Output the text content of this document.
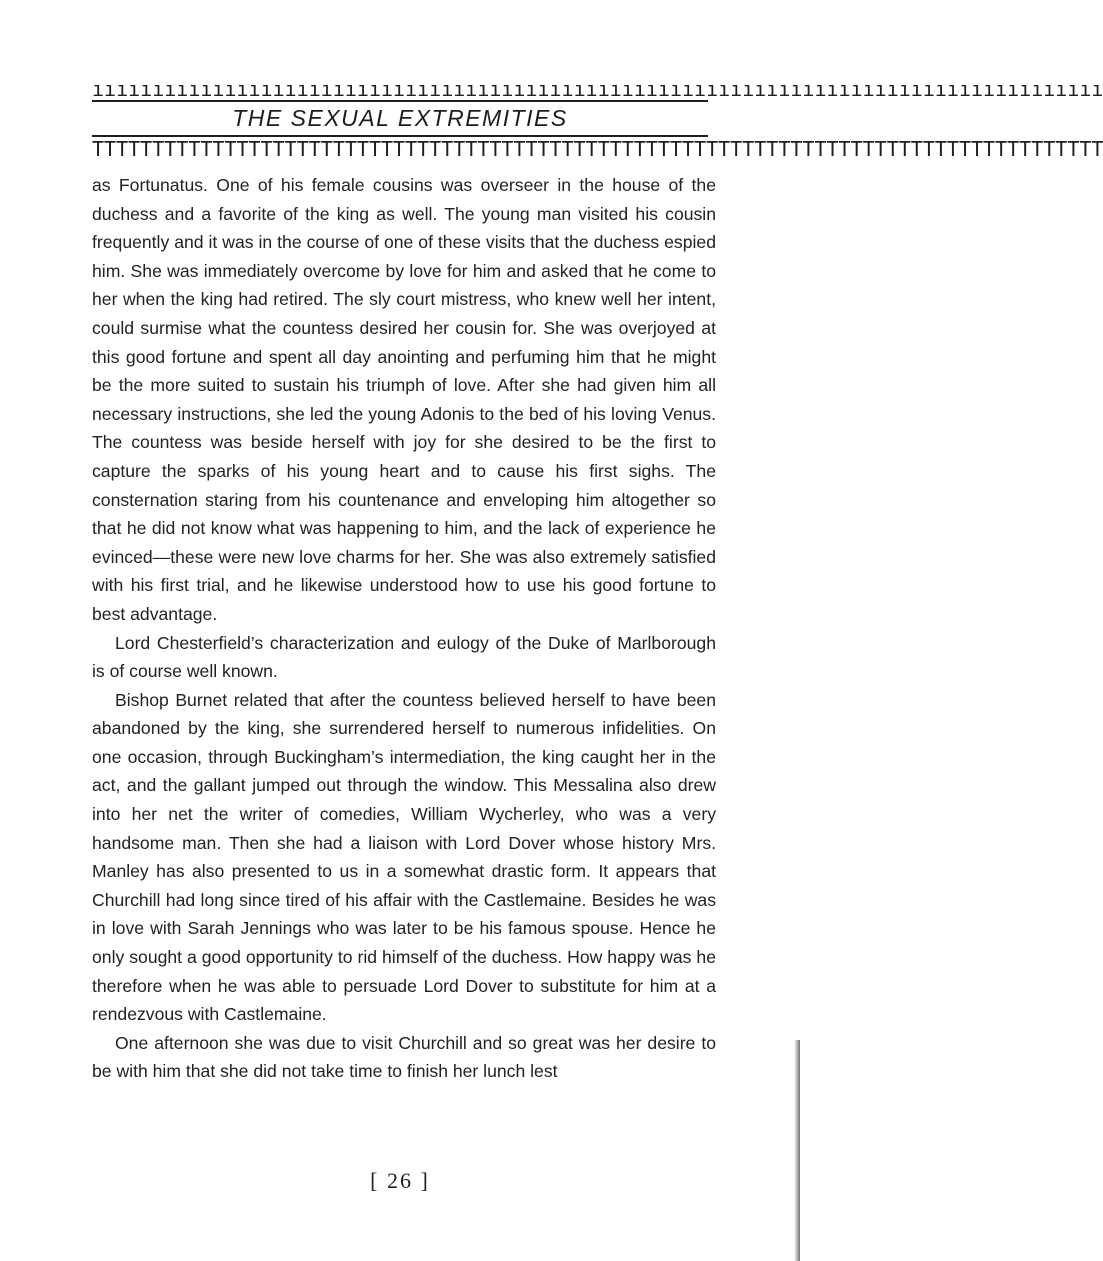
ıııııııııııııııııııııııııııııııııııııııııııııııııııııııııııııııııııııııııııııııııııı
THE SEXUAL EXTREMITIES
TTTTTTTTTTTTTTTTTTTTTTTTTTTTTTTTTTTTTTTTTTTTTTTTTTTTTTTTTTTTTTTTTTTTTTTTTTTTTTTTTTTT

as Fortunatus. One of his female cousins was overseer in the house of the duchess and a favorite of the king as well. The young man visited his cousin frequently and it was in the course of one of these visits that the duchess espied him. She was immediately overcome by love for him and asked that he come to her when the king had retired. The sly court mistress, who knew well her intent, could surmise what the countess desired her cousin for. She was overjoyed at this good fortune and spent all day anointing and perfuming him that he might be the more suited to sustain his triumph of love. After she had given him all necessary instructions, she led the young Adonis to the bed of his loving Venus. The countess was beside herself with joy for she desired to be the first to capture the sparks of his young heart and to cause his first sighs. The consternation staring from his countenance and enveloping him altogether so that he did not know what was happening to him, and the lack of experience he evinced—these were new love charms for her. She was also extremely satisfied with his first trial, and he likewise understood how to use his good fortune to best advantage.

Lord Chesterfield’s characterization and eulogy of the Duke of Marlborough is of course well known.

Bishop Burnet related that after the countess believed herself to have been abandoned by the king, she surrendered herself to numerous infidelities. On one occasion, through Buckingham’s intermediation, the king caught her in the act, and the gallant jumped out through the window. This Messalina also drew into her net the writer of comedies, William Wycherley, who was a very handsome man. Then she had a liaison with Lord Dover whose history Mrs. Manley has also presented to us in a somewhat drastic form. It appears that Churchill had long since tired of his affair with the Castlemaine. Besides he was in love with Sarah Jennings who was later to be his famous spouse. Hence he only sought a good opportunity to rid himself of the duchess. How happy was he therefore when he was able to persuade Lord Dover to substitute for him at a rendezvous with Castlemaine.

One afternoon she was due to visit Churchill and so great was her desire to be with him that she did not take time to finish her lunch lest

[ 26 ]
